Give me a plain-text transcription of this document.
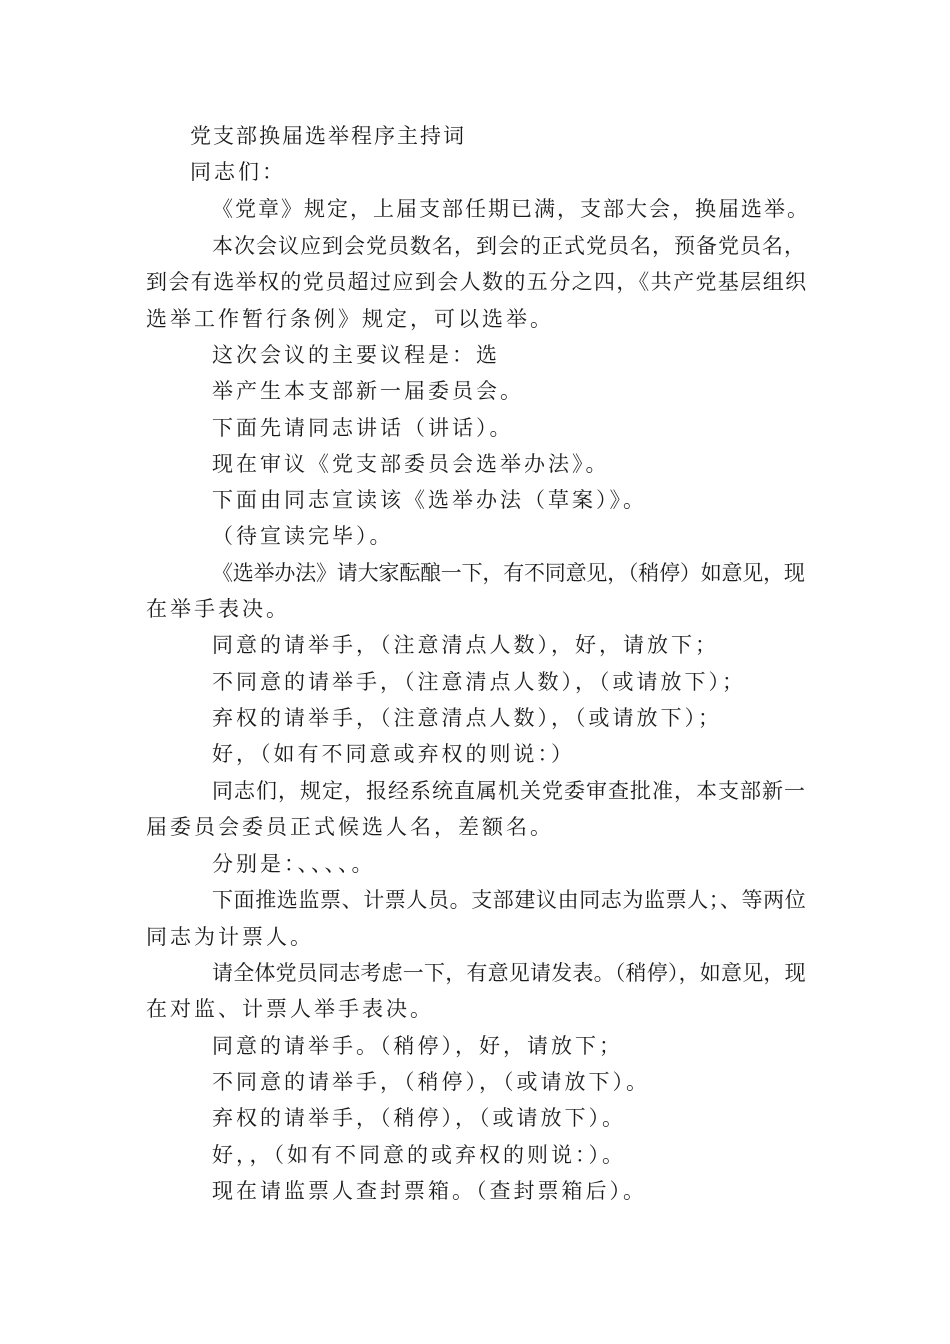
党支部换届选举程序主持词
同志们：
《党章》规定，上届支部任期已满，支部大会，换届选举。
本次会议应到会党员数名，到会的正式党员名，预备党员名，
到会有选举权的党员超过应到会人数的五分之四，《共产党基层组织
选举工作暂行条例》规定，可以选举。
这次会议的主要议程是：选
举产生本支部新一届委员会。
下面先请同志讲话（讲话）。
现在审议《党支部委员会选举办法》。
下面由同志宣读该《选举办法（草案）》。
（待宣读完毕）。
《选举办法》请大家酝酿一下，有不同意见，（稍停）如意见，现
在举手表决。
同意的请举手，（注意清点人数），好，请放下；
不同意的请举手，（注意清点人数），（或请放下）；
弃权的请举手，（注意清点人数），（或请放下）；
好，（如有不同意或弃权的则说：）
同志们，规定，报经系统直属机关党委审查批准，本支部新一
届委员会委员正式候选人名，差额名。
分别是：、、、、。
下面推选监票、计票人员。支部建议由同志为监票人；、等两位
同志为计票人。
请全体党员同志考虑一下，有意见请发表。（稍停），如意见，现
在对监、计票人举手表决。
同意的请举手。（稍停），好，请放下；
不同意的请举手，（稍停），（或请放下）。
弃权的请举手，（稍停），（或请放下）。
好，，（如有不同意的或弃权的则说：）。
现在请监票人查封票箱。（查封票箱后）。
